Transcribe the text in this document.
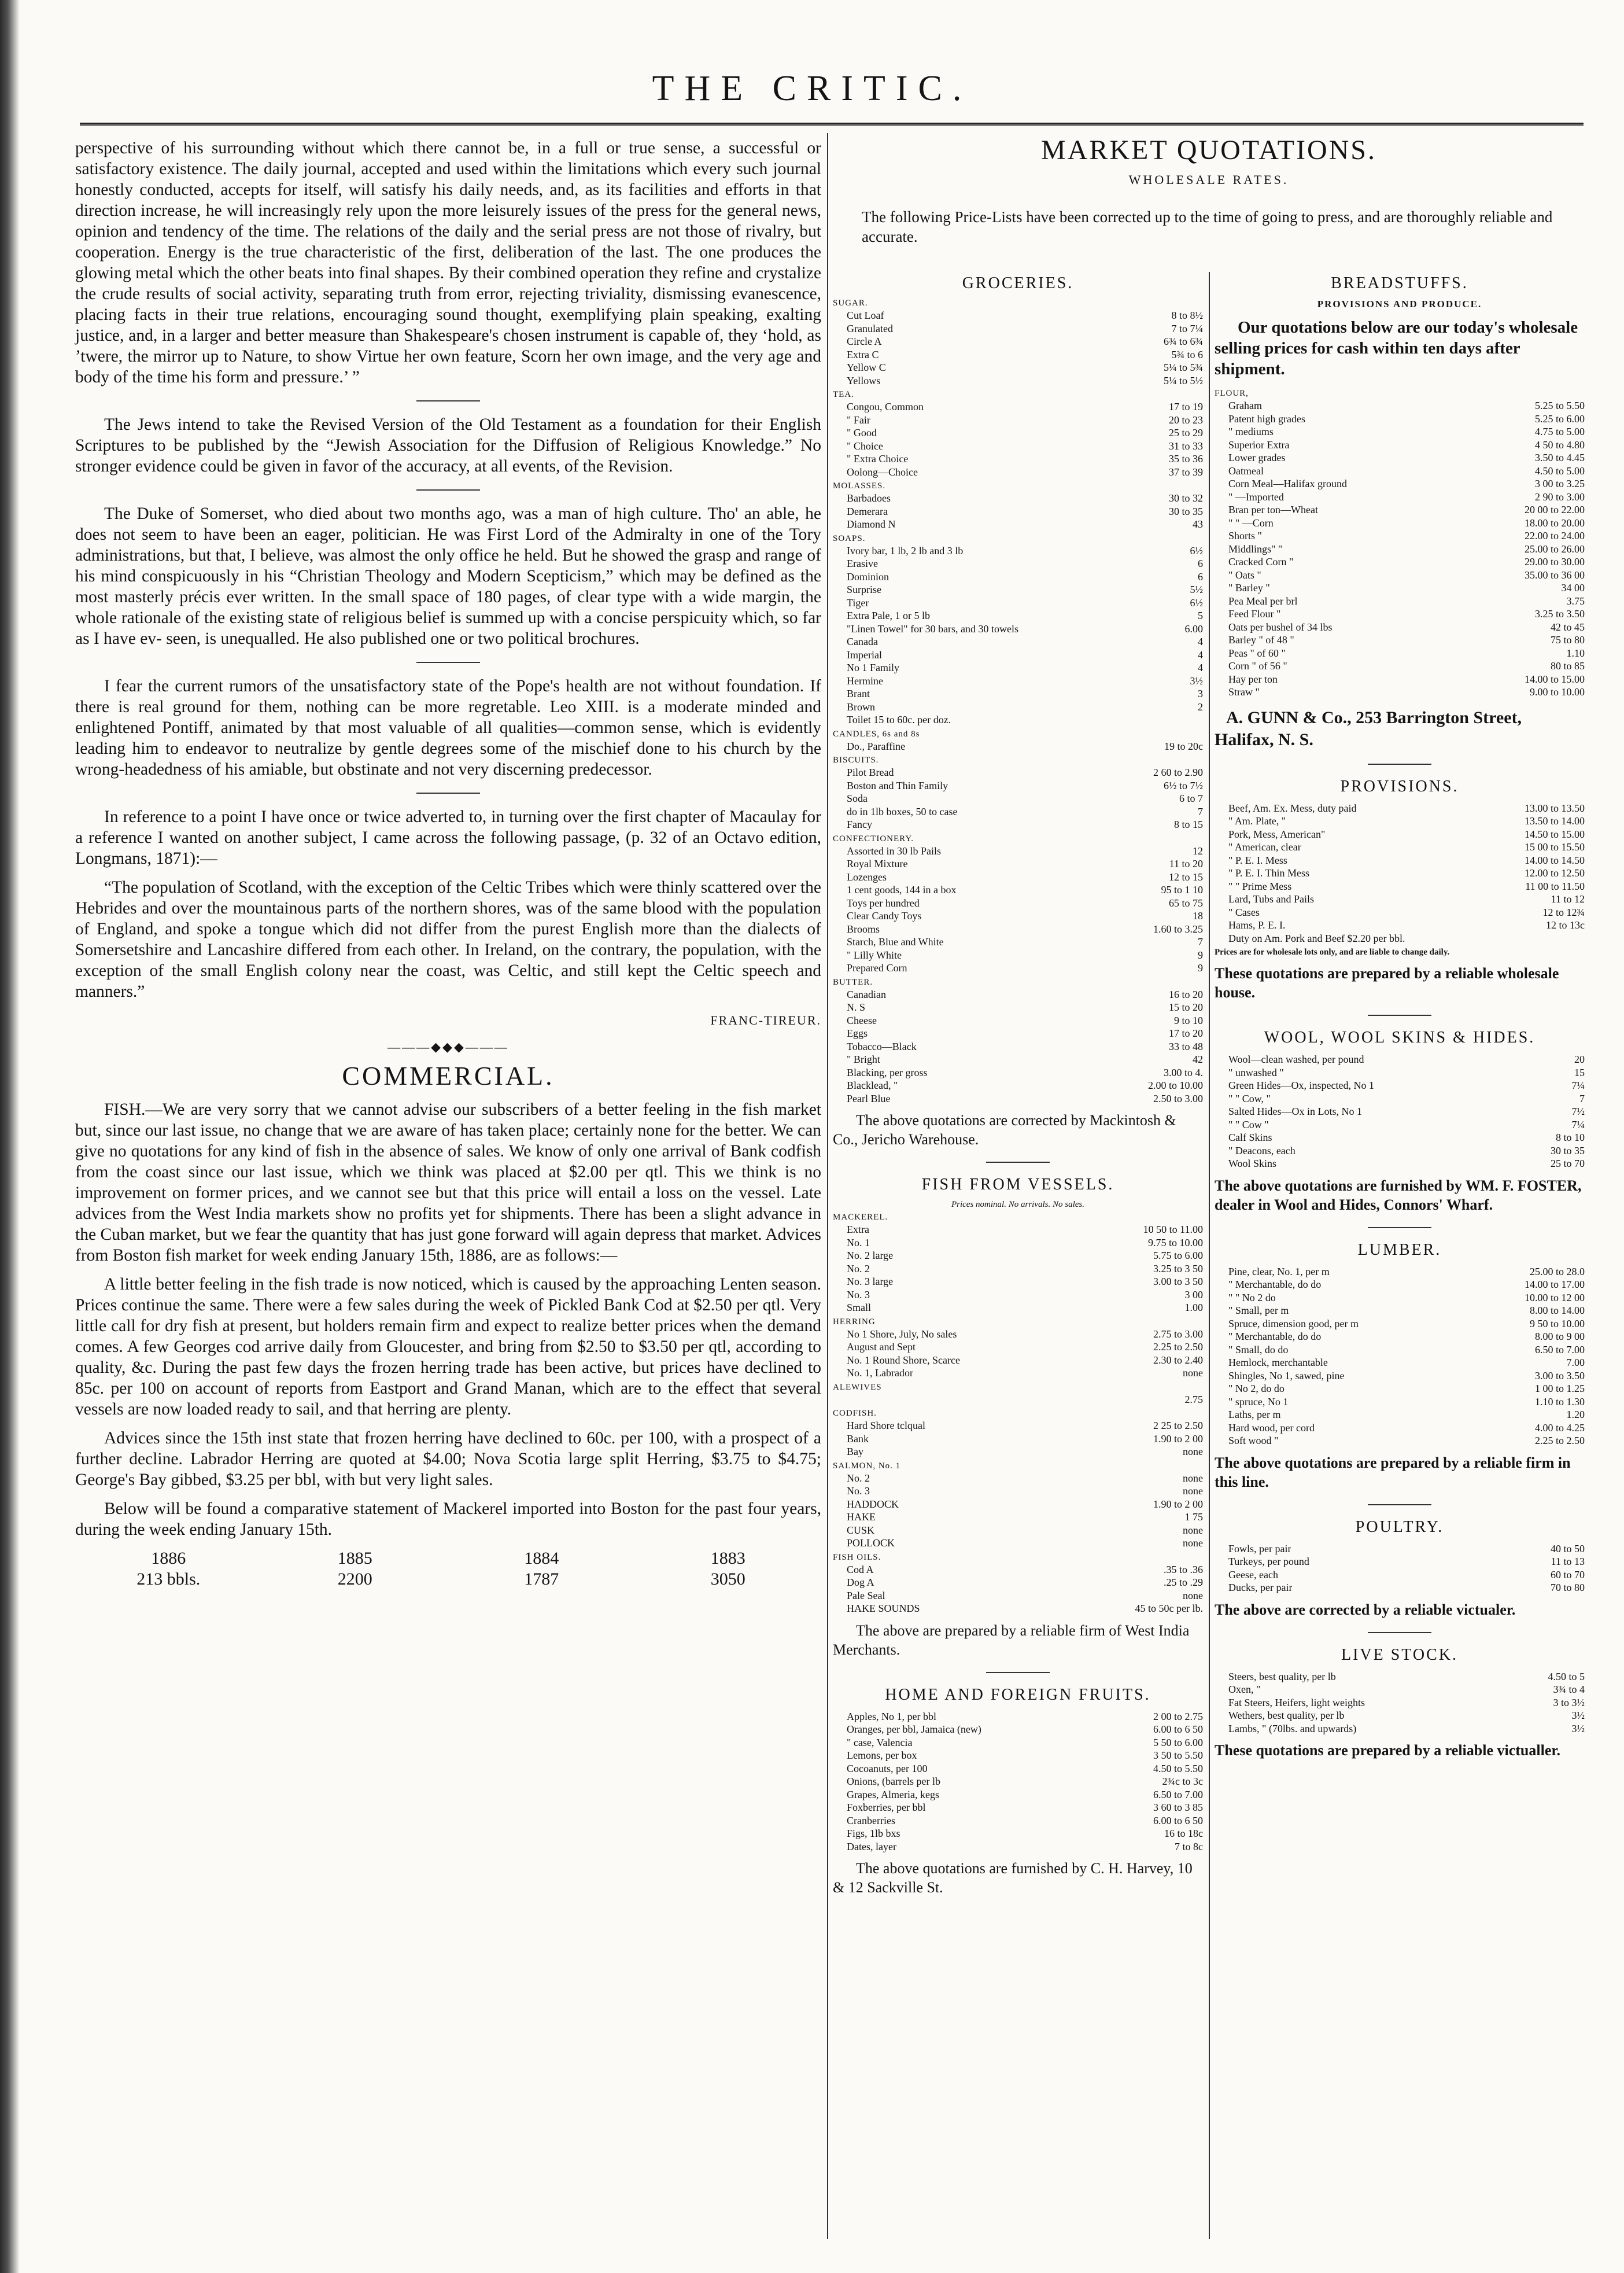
THE CRITIC.

perspective of his surrounding without which there cannot be, in a full or true sense, a successful or satisfactory existence. The daily journal, accepted and used within the limitations which every such journal honestly conducted, accepts for itself, will satisfy his daily needs, and, as its facilities and efforts in that direction increase, he will increasingly rely upon the more leisurely issues of the press for the general news, opinion and tendency of the time. The relations of the daily and the serial press are not those of rivalry, but cooperation. Energy is the true characteristic of the first, deliberation of the last. The one produces the glowing metal which the other beats into final shapes. By their combined operation they refine and crystalize the crude results of social activity, separating truth from error, rejecting triviality, dismissing evanescence, placing facts in their true relations, encouraging sound thought, exemplifying plain speaking, exalting justice, and, in a larger and better measure than Shakespeare's chosen instrument is capable of, they ‘hold, as ’twere, the mirror up to Nature, to show Virtue her own feature, Scorn her own image, and the very age and body of the time his form and pressure.’ ”

The Jews intend to take the Revised Version of the Old Testament as a foundation for their English Scriptures to be published by the “Jewish Association for the Diffusion of Religious Knowledge.” No stronger evidence could be given in favor of the accuracy, at all events, of the Revision.

The Duke of Somerset, who died about two months ago, was a man of high culture. Tho' an able, he does not seem to have been an eager, politician. He was First Lord of the Admiralty in one of the Tory administrations, but that, I believe, was almost the only office he held. But he showed the grasp and range of his mind conspicuously in his “Christian Theology and Modern Scepticism,” which may be defined as the most masterly précis ever written. In the small space of 180 pages, of clear type with a wide margin, the whole rationale of the existing state of religious belief is summed up with a concise perspicuity which, so far as I have ev- seen, is unequalled. He also published one or two political brochures.

I fear the current rumors of the unsatisfactory state of the Pope's health are not without foundation. If there is real ground for them, nothing can be more regretable. Leo XIII. is a moderate minded and enlightened Pontiff, animated by that most valuable of all qualities—common sense, which is evidently leading him to endeavor to neutralize by gentle degrees some of the mischief done to his church by the wrong-headedness of his amiable, but obstinate and not very discerning predecessor.

In reference to a point I have once or twice adverted to, in turning over the first chapter of Macaulay for a reference I wanted on another subject, I came across the following passage, (p. 32 of an Octavo edition, Longmans, 1871):—

“The population of Scotland, with the exception of the Celtic Tribes which were thinly scattered over the Hebrides and over the mountainous parts of the northern shores, was of the same blood with the population of England, and spoke a tongue which did not differ from the purest English more than the dialects of Somersetshire and Lancashire differed from each other. In Ireland, on the contrary, the population, with the exception of the small English colony near the coast, was Celtic, and still kept the Celtic speech and manners.”

FRANC-TIREUR.
———◆◆◆———
COMMERCIAL.

FISH.—We are very sorry that we cannot advise our subscribers of a better feeling in the fish market but, since our last issue, no change that we are aware of has taken place; certainly none for the better. We can give no quotations for any kind of fish in the absence of sales. We know of only one arrival of Bank codfish from the coast since our last issue, which we think was placed at $2.00 per qtl. This we think is no improvement on former prices, and we cannot see but that this price will entail a loss on the vessel. Late advices from the West India markets show no profits yet for shipments. There has been a slight advance in the Cuban market, but we fear the quantity that has just gone forward will again depress that market. Advices from Boston fish market for week ending January 15th, 1886, are as follows:—

A little better feeling in the fish trade is now noticed, which is caused by the approaching Lenten season. Prices continue the same. There were a few sales during the week of Pickled Bank Cod at $2.50 per qtl. Very little call for dry fish at present, but holders remain firm and expect to realize better prices when the demand comes. A few Georges cod arrive daily from Gloucester, and bring from $2.50 to $3.50 per qtl, according to quality, &c. During the past few days the frozen herring trade has been active, but prices have declined to 85c. per 100 on account of reports from Eastport and Grand Manan, which are to the effect that several vessels are now loaded ready to sail, and that herring are plenty.

Advices since the 15th inst state that frozen herring have declined to 60c. per 100, with a prospect of a further decline. Labrador Herring are quoted at $4.00; Nova Scotia large split Herring, $3.75 to $4.75; George's Bay gibbed, $3.25 per bbl, with but very light sales.

Below will be found a comparative statement of Mackerel imported into Boston for the past four years, during the week ending January 15th.

1886	1885	1884	1883
213 bbls.	2200	1787	3050
MARKET QUOTATIONS.
WHOLESALE RATES.
The following Price-Lists have been corrected up to the time of going to press, and are thoroughly reliable and accurate.
GROCERIES.
SUGAR.
Cut Loaf	8 to 8½
Granulated	7 to 7¼
Circle A	6¾ to 6¾
Extra C	5¾ to 6
Yellow C	5¼ to 5¾
Yellows	5¼ to 5½
TEA.
Congou, Common	17 to 19
" Fair	20 to 23
" Good	25 to 29
" Choice	31 to 33
" Extra Choice	35 to 36
Oolong—Choice	37 to 39
MOLASSES.
Barbadoes	30 to 32
Demerara	30 to 35
Diamond N	43
SOAPS.
Ivory bar, 1 lb, 2 lb and 3 lb	6½
Erasive	6
Dominion	6
Surprise	5½
Tiger	6½
Extra Pale, 1 or 5 lb	5
"Linen Towel" for 30 bars, and 30 towels	6.00
Canada	4
Imperial	4
No 1 Family	4
Hermine	3½
Brant	3
Brown	2
Toilet 15 to 60c. per doz.
CANDLES, 6s and 8s
Do., Paraffine	19 to 20c
BISCUITS.
Pilot Bread	2 60 to 2.90
Boston and Thin Family	6½ to 7½
Soda	6 to 7
do in 1lb boxes, 50 to case	7
Fancy	8 to 15
CONFECTIONERY.
Assorted in 30 lb Pails	12
Royal Mixture	11 to 20
Lozenges	12 to 15
1 cent goods, 144 in a box	95 to 1 10
Toys per hundred	65 to 75
Clear Candy Toys	18
Brooms	1.60 to 3.25
Starch, Blue and White	7
" Lilly White	9
Prepared Corn	9
BUTTER.
Canadian	16 to 20
N. S	15 to 20
Cheese	9 to 10
Eggs	17 to 20
Tobacco—Black	33 to 48
" Bright	42
Blacking, per gross	3.00 to 4.
Blacklead, "	2.00 to 10.00
Pearl Blue	2.50 to 3.00
The above quotations are corrected by Mackintosh & Co., Jericho Warehouse.
FISH FROM VESSELS.
Prices nominal. No arrivals. No sales.
MACKEREL.
Extra	10 50 to 11.00
No. 1	9.75 to 10.00
No. 2 large	5.75 to 6.00
No. 2	3.25 to 3 50
No. 3 large	3.00 to 3 50
No. 3	3 00
Small	1.00
HERRING
No 1 Shore, July, No sales	2.75 to 3.00
August and Sept	2.25 to 2.50
No. 1 Round Shore, Scarce	2.30 to 2.40
No. 1, Labrador	none
ALEWIVES
2.75
CODFISH.
Hard Shore tclqual	2 25 to 2.50
Bank	1.90 to 2 00
Bay	none
SALMON, No. 1
No. 2	none
No. 3	none
HADDOCK	1.90 to 2 00
HAKE	1 75
CUSK	none
POLLOCK	none
FISH OILS.
Cod A	.35 to .36
Dog A	.25 to .29
Pale Seal	none
HAKE SOUNDS	45 to 50c per lb.
The above are prepared by a reliable firm of West India Merchants.
HOME AND FOREIGN FRUITS.
Apples, No 1, per bbl	2 00 to 2.75
Oranges, per bbl, Jamaica (new)	6.00 to 6 50
" case, Valencia	5 50 to 6.00
Lemons, per box	3 50 to 5.50
Cocoanuts, per 100	4.50 to 5.50
Onions, (barrels per lb	2¾c to 3c
Grapes, Almeria, kegs	6.50 to 7.00
Foxberries, per bbl	3 60 to 3 85
Cranberries	6.00 to 6 50
Figs, 1lb bxs	16 to 18c
Dates, layer	7 to 8c
The above quotations are furnished by C. H. Harvey, 10 & 12 Sackville St.
BREADSTUFFS.
PROVISIONS AND PRODUCE.
Our quotations below are our today's wholesale selling prices for cash within ten days after shipment.
FLOUR,
Graham	5.25 to 5.50
Patent high grades	5.25 to 6.00
" mediums	4.75 to 5.00
Superior Extra	4 50 to 4.80
Lower grades	3.50 to 4.45
Oatmeal	4.50 to 5.00
Corn Meal—Halifax ground	3 00 to 3.25
" —Imported	2 90 to 3.00
Bran per ton—Wheat	20 00 to 22.00
" " —Corn	18.00 to 20.00
Shorts "	22.00 to 24.00
Middlings" "	25.00 to 26.00
Cracked Corn "	29.00 to 30.00
" Oats "	35.00 to 36 00
" Barley "	34 00
Pea Meal per brl	3.75
Feed Flour "	3.25 to 3.50
Oats per bushel of 34 lbs	42 to 45
Barley " of 48 "	75 to 80
Peas " of 60 "	1.10
Corn " of 56 "	80 to 85
Hay per ton	14.00 to 15.00
Straw "	9.00 to 10.00
A. GUNN & Co., 253 Barrington Street, Halifax, N. S.
PROVISIONS.
Beef, Am. Ex. Mess, duty paid	13.00 to 13.50
" Am. Plate, "	13.50 to 14.00
Pork, Mess, American"	14.50 to 15.00
" American, clear	15 00 to 15.50
" P. E. I. Mess	14.00 to 14.50
" P. E. I. Thin Mess	12.00 to 12.50
" " Prime Mess	11 00 to 11.50
Lard, Tubs and Pails	11 to 12
" Cases	12 to 12¾
Hams, P. E. I.	12 to 13c
Duty on Am. Pork and Beef $2.20 per bbl.
Prices are for wholesale lots only, and are liable to change daily.
These quotations are prepared by a reliable wholesale house.
WOOL, WOOL SKINS & HIDES.
Wool—clean washed, per pound	20
" unwashed "	15
Green Hides—Ox, inspected, No 1	7¼
" " Cow, "	7
Salted Hides—Ox in Lots, No 1	7½
" " Cow "	7¼
Calf Skins	8 to 10
" Deacons, each	30 to 35
Wool Skins	25 to 70
The above quotations are furnished by WM. F. FOSTER, dealer in Wool and Hides, Connors' Wharf.
LUMBER.
Pine, clear, No. 1, per m	25.00 to 28.0
" Merchantable, do do	14.00 to 17.00
" " No 2 do	10.00 to 12 00
" Small, per m	8.00 to 14.00
Spruce, dimension good, per m	9 50 to 10.00
" Merchantable, do do	8.00 to 9 00
" Small, do do	6.50 to 7.00
Hemlock, merchantable	7.00
Shingles, No 1, sawed, pine	3.00 to 3.50
" No 2, do do	1 00 to 1.25
" spruce, No 1	1.10 to 1.30
Laths, per m	1.20
Hard wood, per cord	4.00 to 4.25
Soft wood "	2.25 to 2.50
The above quotations are prepared by a reliable firm in this line.
POULTRY.
Fowls, per pair	40 to 50
Turkeys, per pound	11 to 13
Geese, each	60 to 70
Ducks, per pair	70 to 80
The above are corrected by a reliable victualer.
LIVE STOCK.
Steers, best quality, per lb	4.50 to 5
Oxen, "	3¾ to 4
Fat Steers, Heifers, light weights	3 to 3½
Wethers, best quality, per lb	3½
Lambs, " (70lbs. and upwards)	3½
These quotations are prepared by a reliable victualler.
